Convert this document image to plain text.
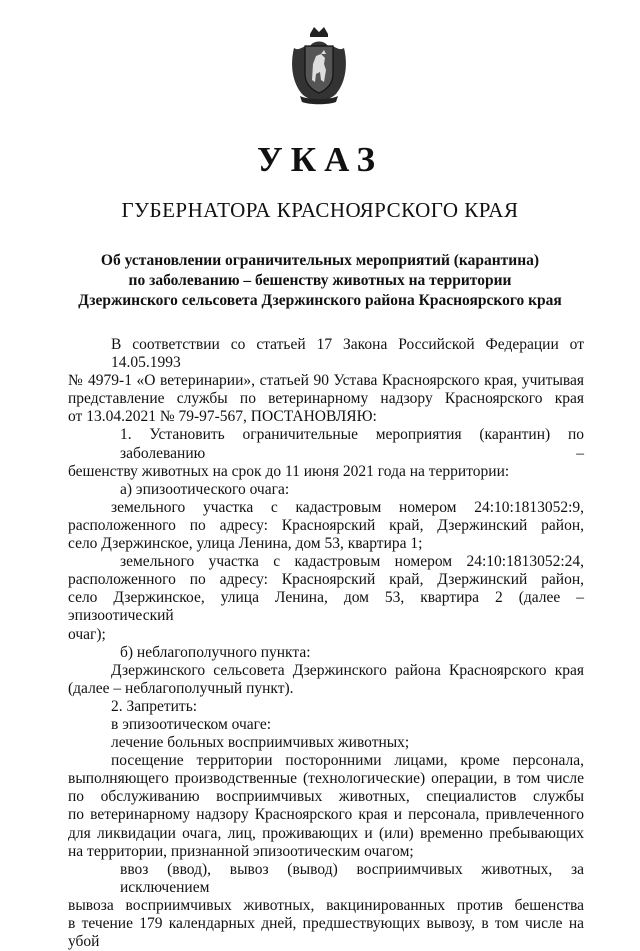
УКАЗ
ГУБЕРНАТОРА КРАСНОЯРСКОГО КРАЯ
Об установлении ограничительных мероприятий (карантина)
по заболеванию – бешенству животных на территории
Дзержинского сельсовета Дзержинского района Красноярского края
В соответствии со статьей 17 Закона Российской Федерации от 14.05.1993
№ 4979-1 «О ветеринарии», статьей 90 Устава Красноярского края, учитывая
представление службы по ветеринарному надзору Красноярского края
от 13.04.2021 № 79-97-567, ПОСТАНОВЛЯЮ:
1. Установить ограничительные мероприятия (карантин) по заболеванию –
бешенству животных на срок до 11 июня 2021 года на территории:
а) эпизоотического очага:
земельного участка с кадастровым номером 24:10:1813052:9,
расположенного по адресу: Красноярский край, Дзержинский район,
село Дзержинское, улица Ленина, дом 53, квартира 1;
земельного участка с кадастровым номером 24:10:1813052:24,
расположенного по адресу: Красноярский край, Дзержинский район,
село Дзержинское, улица Ленина, дом 53, квартира 2 (далее – эпизоотический
очаг);
б) неблагополучного пункта:
Дзержинского сельсовета Дзержинского района Красноярского края
(далее – неблагополучный пункт).
2. Запретить:
в эпизоотическом очаге:
лечение больных восприимчивых животных;
посещение территории посторонними лицами, кроме персонала,
выполняющего производственные (технологические) операции, в том числе
по обслуживанию восприимчивых животных, специалистов службы
по ветеринарному надзору Красноярского края и персонала, привлеченного
для ликвидации очага, лиц, проживающих и (или) временно пребывающих
на территории, признанной эпизоотическим очагом;
ввоз (ввод), вывоз (вывод) восприимчивых животных, за исключением
вывоза восприимчивых животных, вакцинированных против бешенства
в течение 179 календарных дней, предшествующих вывозу, в том числе на убой
